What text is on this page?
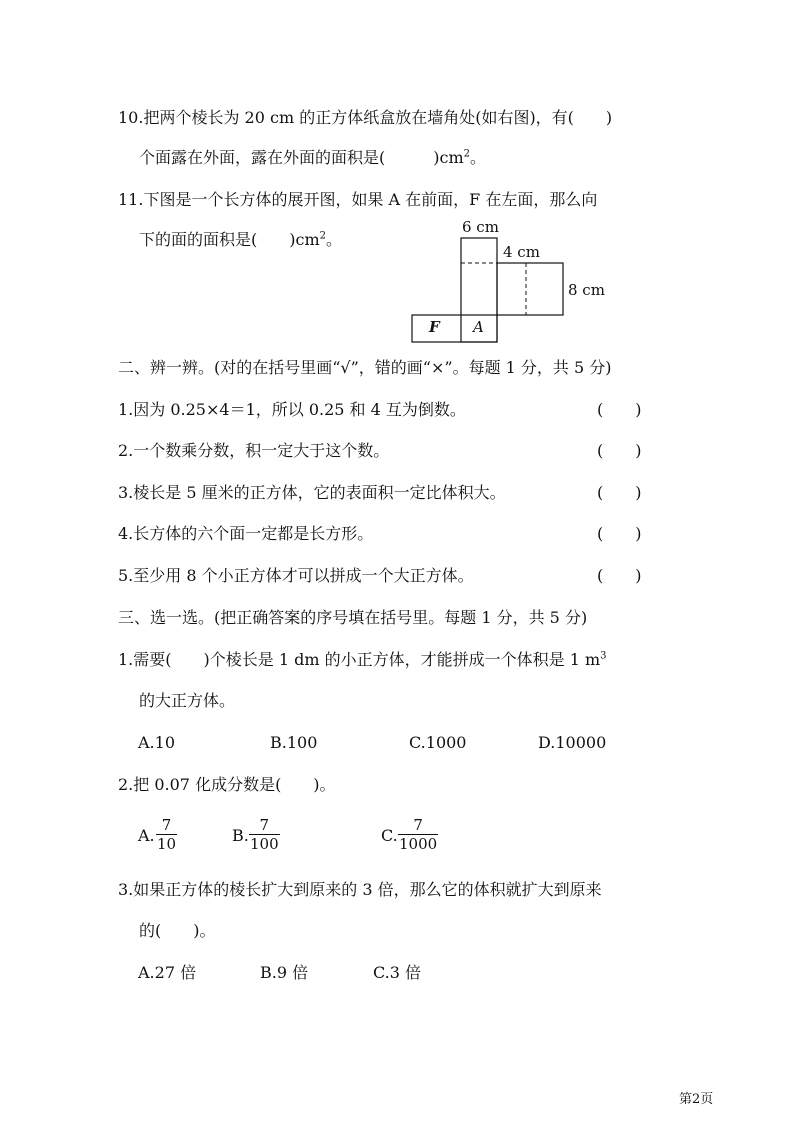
10.把两个棱长为 20 cm 的正方体纸盒放在墙角处(如右图)，有(　　)
个面露在外面，露在外面的面积是(　　　)$cm^2$。
11.下图是一个长方体的展开图，如果 A 在前面，F 在左面，那么向
下的面的面积是(　　)$cm^2$。
6 cm
4 cm
8 cm
F A
二、辨一辨。(对的在括号里画“√”，错的画“×”。每题 1 分，共 5 分)
1.因为 0.25×4＝1，所以 0.25 和 4 互为倒数。	(　　)
2.一个数乘分数，积一定大于这个数。	(　　)
3.棱长是 5 厘米的正方体，它的表面积一定比体积大。	(　　)
4.长方体的六个面一定都是长方形。	(　　)
5.至少用 8 个小正方体才可以拼成一个大正方体。	(　　)
三、选一选。(把正确答案的序号填在括号里。每题 1 分，共 5 分)
1.需要(　　)个棱长是 1 dm 的小正方体，才能拼成一个体积是 1 $m^3$
的大正方体。
A.10	B.100	C.1000	D.10000
2.把 0.07 化成分数是(　　)。
A. $\frac{7}{10}$	B. $\frac{7}{100}$	C. $\frac{7}{1000}$
3.如果正方体的棱长扩大到原来的 3 倍，那么它的体积就扩大到原来
的(　　)。
A.27 倍	B.9 倍	C.3 倍
第2页
